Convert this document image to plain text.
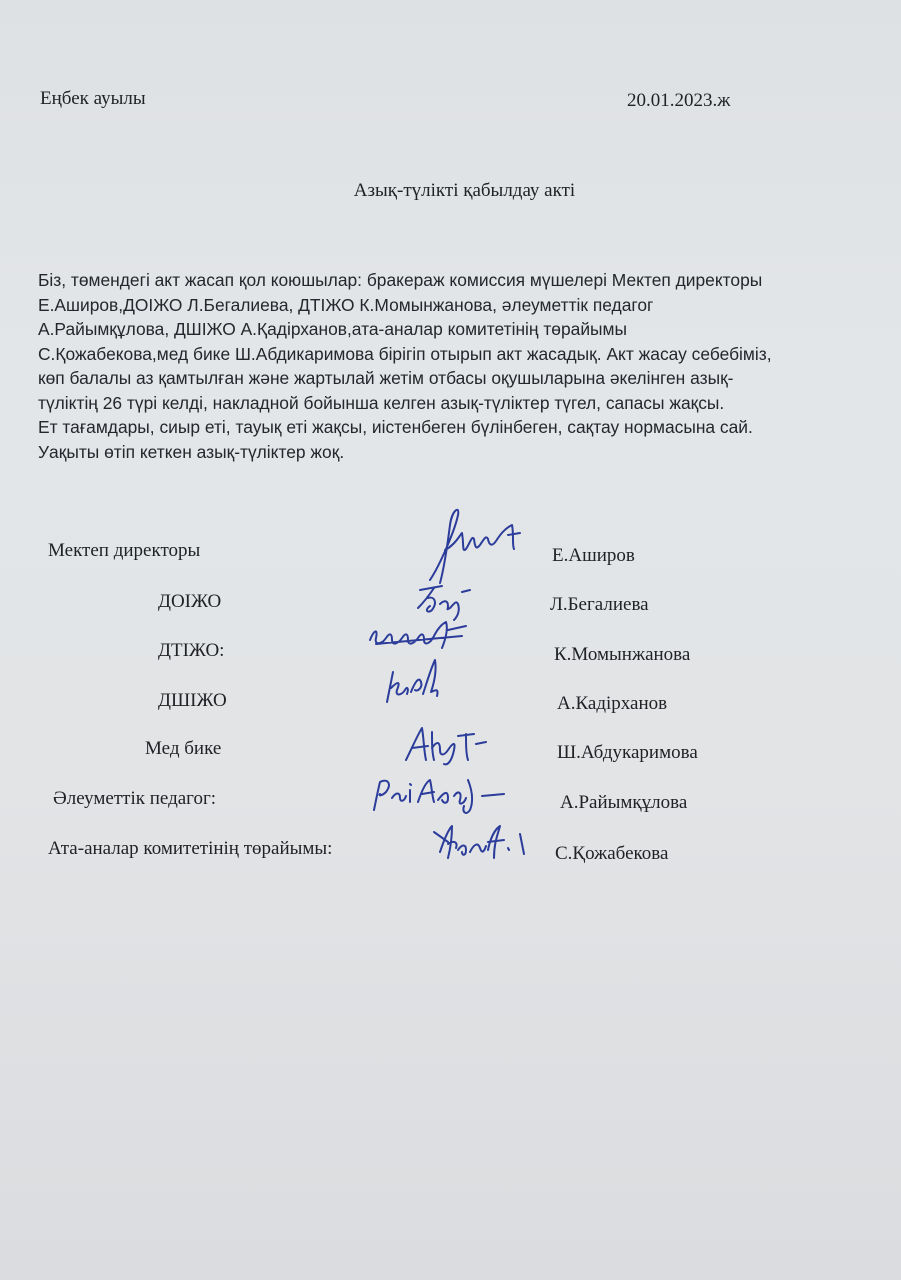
Еңбек ауылы	20.01.2023.ж
Азық-түлікті қабылдау акті
Біз, төмендегі акт жасап қол коюшылар: бракераж комиссия мүшелері Мектеп директоры
Е.Аширов,ДОІЖО Л.Бегалиева, ДТІЖО К.Момынжанова, әлеуметтік педагог
А.Райымқұлова, ДШІЖО А.Қадірханов,ата-аналар комитетінің төрайымы
С.Қожабекова,мед бике Ш.Абдикаримова бірігіп отырып акт жасадық. Акт жасау себебіміз,
көп балалы аз қамтылған және жартылай жетім отбасы оқушыларына әкелінген азық-
түліктің 26 түрі келді, накладной бойынша келген азық-түліктер түгел, сапасы жақсы.
Ет тағамдары, сиыр еті, тауық еті жақсы, иістенбеген бүлінбеген, сақтау нормасына сай.
Уақыты өтіп кеткен азық-түліктер жоқ.
Мектеп директоры	Е.Аширов
ДОІЖО	Л.Бегалиева
ДТІЖО:	К.Момынжанова
ДШІЖО	А.Кадірханов
Мед бике	Ш.Абдукаримова
Әлеуметтік педагог:	А.Райымқұлова
Ата-аналар комитетінің төрайымы:	С.Қожабекова
